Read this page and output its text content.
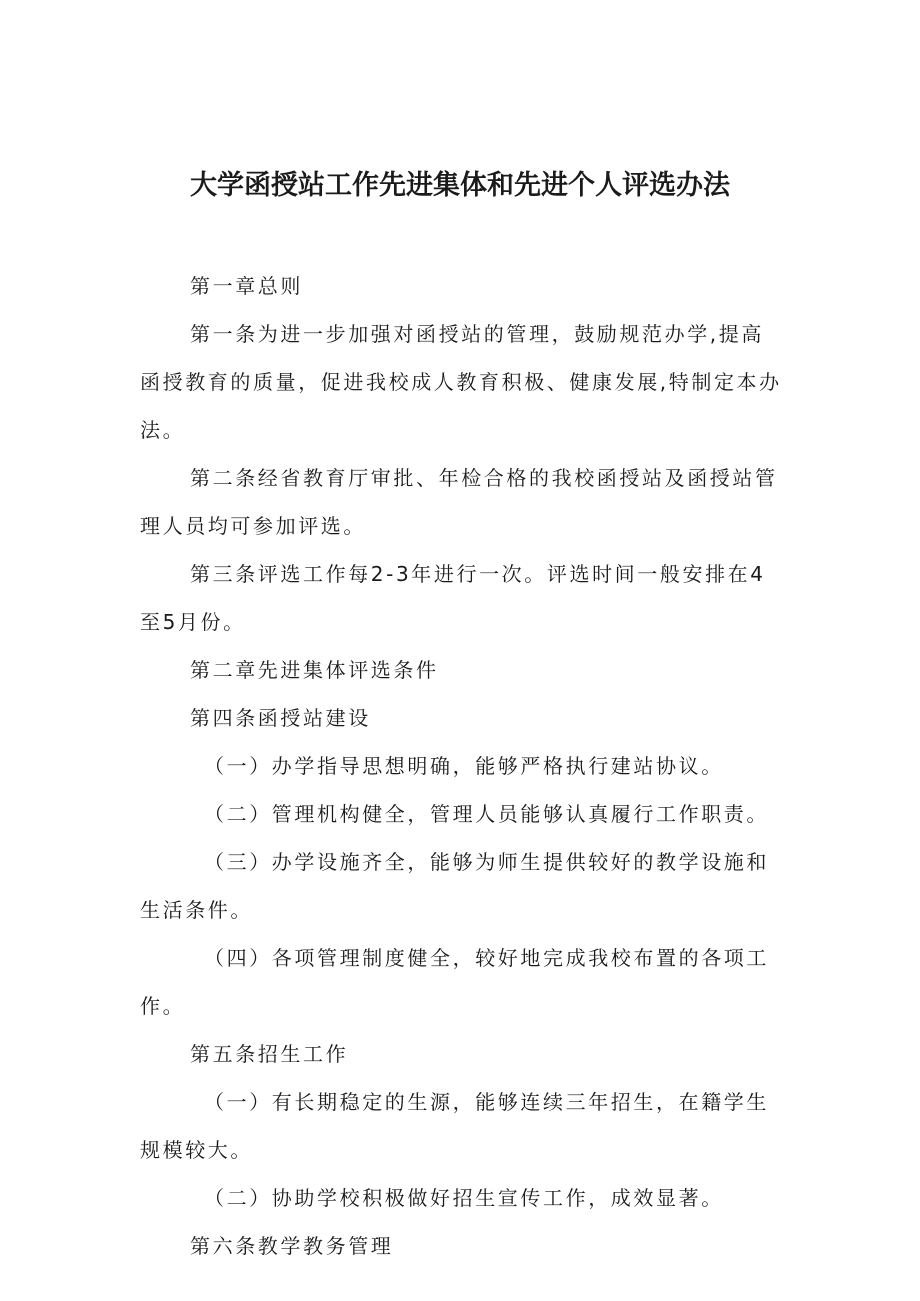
大学函授站工作先进集体和先进个人评选办法

第一章总则

第一条为进一步加强对函授站的管理，鼓励规范办学,提高函授教育的质量，促进我校成人教育积极、健康发展,特制定本办法。

第二条经省教育厅审批、年检合格的我校函授站及函授站管理人员均可参加评选。

第三条评选工作每2-3年进行一次。评选时间一般安排在4至5月份。

第二章先进集体评选条件

第四条函授站建设

（一）办学指导思想明确，能够严格执行建站协议。

（二）管理机构健全，管理人员能够认真履行工作职责。

（三）办学设施齐全，能够为师生提供较好的教学设施和生活条件。

（四）各项管理制度健全，较好地完成我校布置的各项工作。

第五条招生工作

（一）有长期稳定的生源，能够连续三年招生，在籍学生规模较大。

（二）协助学校积极做好招生宣传工作，成效显著。

第六条教学教务管理
